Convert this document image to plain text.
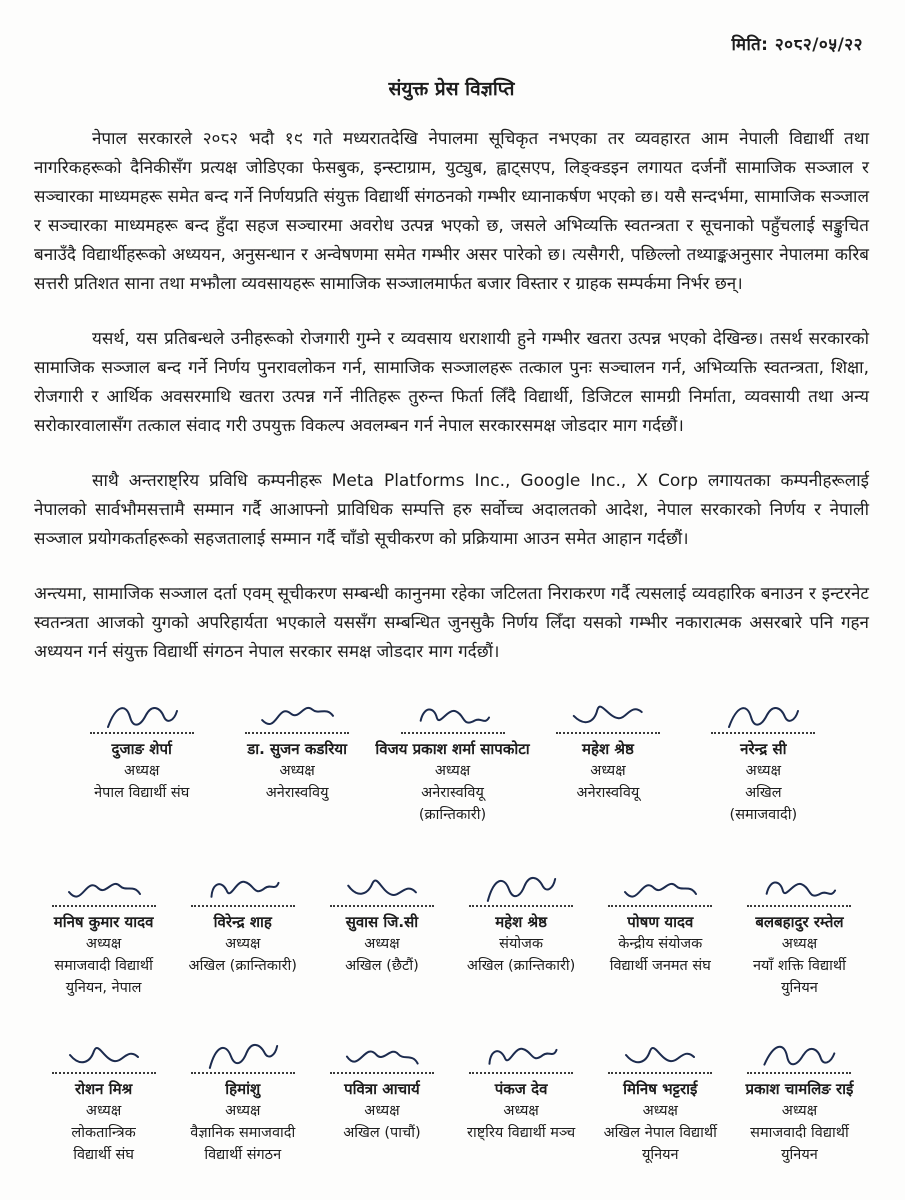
मिति: २०८२/०५/२२
संयुक्त प्रेस विज्ञप्ति

नेपाल सरकारले २०८२ भदौ १९ गते मध्यरातदेखि नेपालमा सूचिकृत नभएका तर व्यवहारत आम नेपाली विद्यार्थी तथा नागरिकहरूको दैनिकीसँग प्रत्यक्ष जोडिएका फेसबुक, इन्स्टाग्राम, युट्युब, ह्वाट्सएप, लिङ्क्डइन लगायत दर्जनौं सामाजिक सञ्जाल र सञ्चारका माध्यमहरू समेत बन्द गर्ने निर्णयप्रति संयुक्त विद्यार्थी संगठनको गम्भीर ध्यानाकर्षण भएको छ। यसै सन्दर्भमा, सामाजिक सञ्जाल र सञ्चारका माध्यमहरू बन्द हुँदा सहज सञ्चारमा अवरोध उत्पन्न भएको छ, जसले अभिव्यक्ति स्वतन्त्रता र सूचनाको पहुँचलाई सङ्कुचित बनाउँदै विद्यार्थीहरूको अध्ययन, अनुसन्धान र अन्वेषणमा समेत गम्भीर असर पारेको छ। त्यसैगरी, पछिल्लो तथ्याङ्कअनुसार नेपालमा करिब सत्तरी प्रतिशत साना तथा मझौला व्यवसायहरू सामाजिक सञ्जालमार्फत बजार विस्तार र ग्राहक सम्पर्कमा निर्भर छन्।

यसर्थ, यस प्रतिबन्धले उनीहरूको रोजगारी गुम्ने र व्यवसाय धराशायी हुने गम्भीर खतरा उत्पन्न भएको देखिन्छ। तसर्थ सरकारको सामाजिक सञ्जाल बन्द गर्ने निर्णय पुनरावलोकन गर्न, सामाजिक सञ्जालहरू तत्काल पुनः सञ्चालन गर्न, अभिव्यक्ति स्वतन्त्रता, शिक्षा, रोजगारी र आर्थिक अवसरमाथि खतरा उत्पन्न गर्ने नीतिहरू तुरुन्त फिर्ता लिँदै विद्यार्थी, डिजिटल सामग्री निर्माता, व्यवसायी तथा अन्य सरोकारवालासँग तत्काल संवाद गरी उपयुक्त विकल्प अवलम्बन गर्न नेपाल सरकारसमक्ष जोडदार माग गर्दछौं।

साथै अन्तराष्ट्रिय प्रविधि कम्पनीहरू Meta Platforms Inc., Google Inc., X Corp लगायतका कम्पनीहरूलाई नेपालको सार्वभौमसत्तामै सम्मान गर्दै आआफ्नो प्राविधिक सम्पत्ति हरु सर्वोच्च अदालतको आदेश, नेपाल सरकारको निर्णय र नेपाली सञ्जाल प्रयोगकर्ताहरूको सहजतालाई सम्मान गर्दै चाँडो सूचीकरण को प्रक्रियामा आउन समेत आहान गर्दछौं।

अन्त्यमा, सामाजिक सञ्जाल दर्ता एवम् सूचीकरण सम्बन्धी कानुनमा रहेका जटिलता निराकरण गर्दै त्यसलाई व्यवहारिक बनाउन र इन्टरनेट स्वतन्त्रता आजको युगको अपरिहार्यता भएकाले यससँग सम्बन्धित जुनसुकै निर्णय लिँदा यसको गम्भीर नकारात्मक असरबारे पनि गहन अध्ययन गर्न संयुक्त विद्यार्थी संगठन नेपाल सरकार समक्ष जोडदार माग गर्दछौं।

दुजाङ शेर्पा
अध्यक्ष
नेपाल विद्यार्थी संघ
डा. सुजन कडरिया
अध्यक्ष
अनेरास्ववियु
विजय प्रकाश शर्मा सापकोटा
अध्यक्ष
अनेरास्ववियू
(क्रान्तिकारी)
महेश श्रेष्ठ
अध्यक्ष
अनेरास्ववियू
नरेन्द्र सी
अध्यक्ष
अखिल
(समाजवादी)
मनिष कुमार यादव
अध्यक्ष
समाजवादी विद्यार्थी
युनियन, नेपाल
विरेन्द्र शाह
अध्यक्ष
अखिल (क्रान्तिकारी)
सुवास जि.सी
अध्यक्ष
अखिल (छैटौं)
महेश श्रेष्ठ
संयोजक
अखिल (क्रान्तिकारी)
पोषण यादव
केन्द्रीय संयोजक
विद्यार्थी जनमत संघ
बलबहादुर रम्तेल
अध्यक्ष
नयाँ शक्ति विद्यार्थी
युनियन
रोशन मिश्र
अध्यक्ष
लोकतान्त्रिक
विद्यार्थी संघ
हिमांशु
अध्यक्ष
वैज्ञानिक समाजवादी
विद्यार्थी संगठन
पवित्रा आचार्य
अध्यक्ष
अखिल (पाचौं)
पंकज देव
अध्यक्ष
राष्ट्रिय विद्यार्थी मञ्च
मिनिष भट्टराई
अध्यक्ष
अखिल नेपाल विद्यार्थी
यूनियन
प्रकाश चामलिङ राई
अध्यक्ष
समाजवादी विद्यार्थी
युनियन
